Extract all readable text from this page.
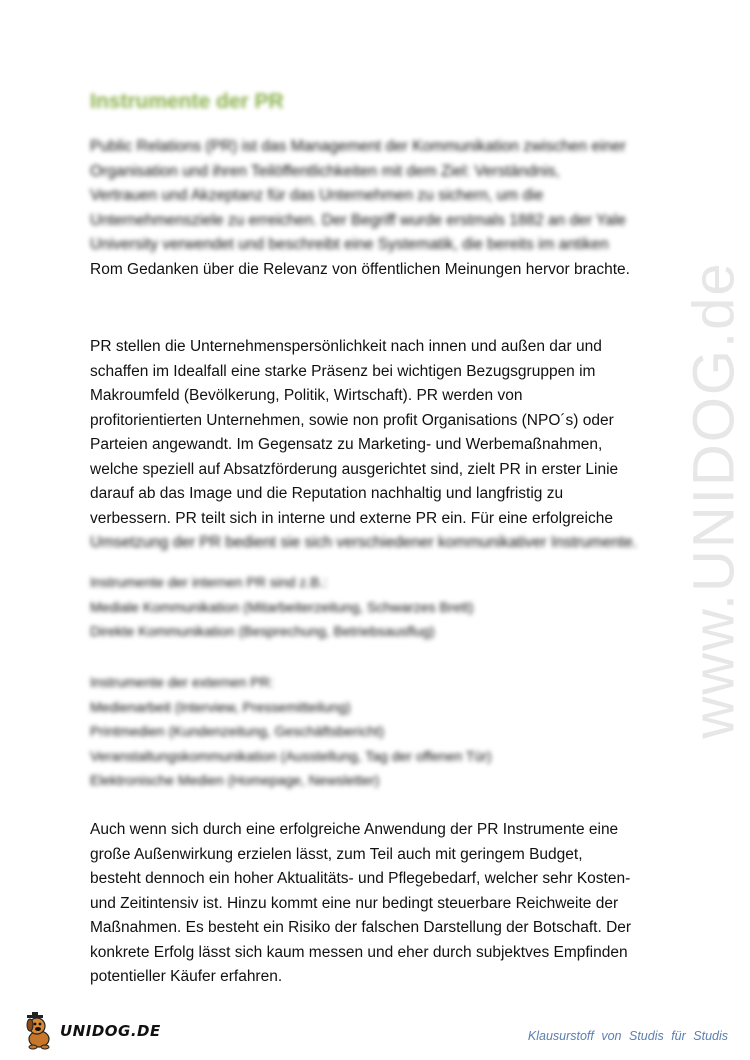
Instrumente der PR
Public Relations (PR) ist das Management der Kommunikation zwischen einer
Organisation und ihren Teilöffentlichkeiten mit dem Ziel: Verständnis,
Vertrauen und Akzeptanz für das Unternehmen zu sichern, um die
Unternehmensziele zu erreichen. Der Begriff wurde erstmals 1882 an der Yale
University verwendet und beschreibt eine Systematik, die bereits im antiken
Rom Gedanken über die Relevanz von öffentlichen Meinungen hervor brachte.
PR stellen die Unternehmenspersönlichkeit nach innen und außen dar und
schaffen im Idealfall eine starke Präsenz bei wichtigen Bezugsgruppen im
Makroumfeld (Bevölkerung, Politik, Wirtschaft). PR werden von
profitorientierten Unternehmen, sowie non profit Organisations (NPO´s) oder
Parteien angewandt. Im Gegensatz zu Marketing- und Werbemaßnahmen,
welche speziell auf Absatzförderung ausgerichtet sind, zielt PR in erster Linie
darauf ab das Image und die Reputation nachhaltig und langfristig zu
verbessern. PR teilt sich in interne und externe PR ein. Für eine erfolgreiche
Umsetzung der PR bedient sie sich verschiedener kommunikativer Instrumente.
Instrumente der internen PR sind z.B.:
Mediale Kommunikation (Mitarbeiterzeitung, Schwarzes Brett)
Direkte Kommunikation (Besprechung, Betriebsausflug)
Instrumente der externen PR:
Medienarbeit (Interview, Pressemitteilung)
Printmedien (Kundenzeitung, Geschäftsbericht)
Veranstaltungskommunikation (Ausstellung, Tag der offenen Tür)
Elektronische Medien (Homepage, Newsletter)
Auch wenn sich durch eine erfolgreiche Anwendung der PR Instrumente eine
große Außenwirkung erzielen lässt, zum Teil auch mit geringem Budget,
besteht dennoch ein hoher Aktualitäts- und Pflegebedarf, welcher sehr Kosten-
und Zeitintensiv ist. Hinzu kommt eine nur bedingt steuerbare Reichweite der
Maßnahmen. Es besteht ein Risiko der falschen Darstellung der Botschaft. Der
konkrete Erfolg lässt sich kaum messen und eher durch subjektves Empfinden
potentieller Käufer erfahren.
www.UNIDOG.de
UNIDOG.DE	Klausurstoff von Studis für Studis
